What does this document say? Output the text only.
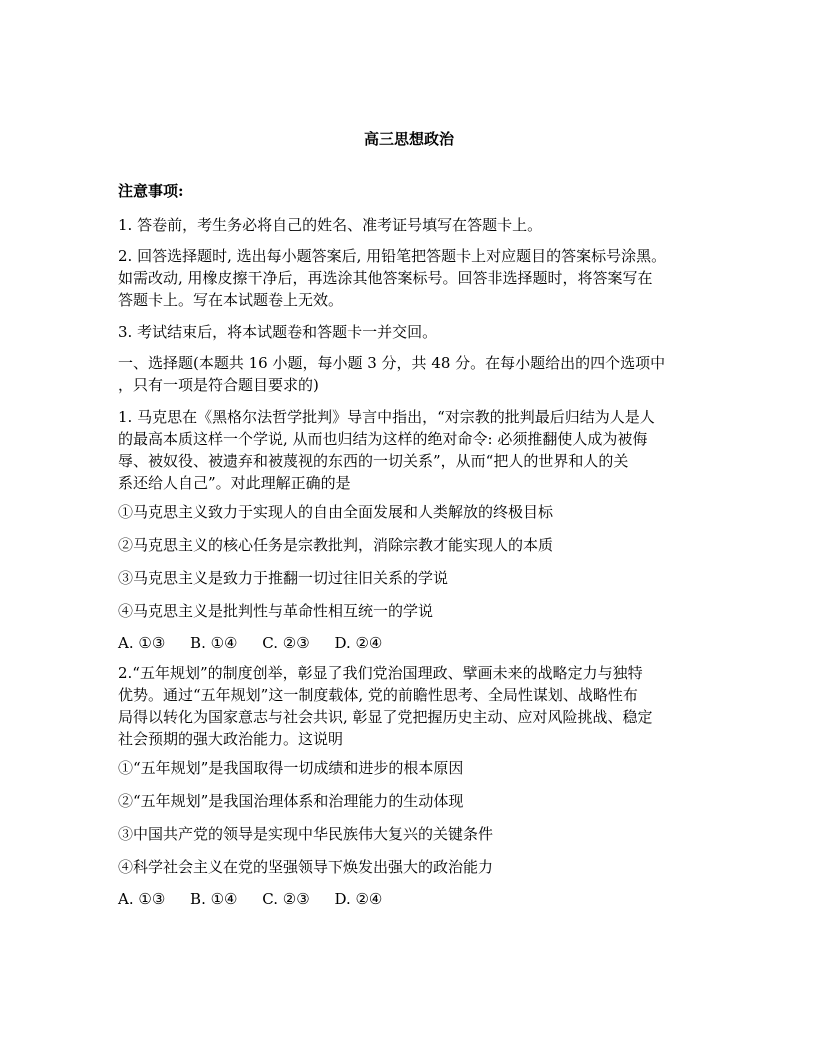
高三思想政治
注意事项:
1. 答卷前，考生务必将自己的姓名、准考证号填写在答题卡上。

2. 回答选择题时, 选出每小题答案后, 用铅笔把答题卡上对应题目的答案标号涂黑。

如需改动, 用橡皮擦干净后，再选涂其他答案标号。回答非选择题时，将答案写在

答题卡上。写在本试题卷上无效。

3. 考试结束后，将本试题卷和答题卡一并交回。

一、选择题(本题共 16 小题，每小题 3 分，共 48 分。在每小题给出的四个选项中

，只有一项是符合题目要求的)

1. 马克思在《黑格尔法哲学批判》导言中指出，“对宗教的批判最后归结为人是人

的最高本质这样一个学说, 从而也归结为这样的绝对命令: 必须推翻使人成为被侮

辱、被奴役、被遗弃和被蔑视的东西的一切关系”，从而“把人的世界和人的关

系还给人自己”。对此理解正确的是

①马克思主义致力于实现人的自由全面发展和人类解放的终极目标
②马克思主义的核心任务是宗教批判，消除宗教才能实现人的本质
③马克思主义是致力于推翻一切过往旧关系的学说
④马克思主义是批判性与革命性相互统一的学说
A. ①③ B. ①④ C. ②③ D. ②④

2.“五年规划”的制度创举，彰显了我们党治国理政、擘画未来的战略定力与独特

优势。通过“五年规划”这一制度载体, 党的前瞻性思考、全局性谋划、战略性布

局得以转化为国家意志与社会共识, 彰显了党把握历史主动、应对风险挑战、稳定

社会预期的强大政治能力。这说明

①“五年规划”是我国取得一切成绩和进步的根本原因
②“五年规划”是我国治理体系和治理能力的生动体现
③中国共产党的领导是实现中华民族伟大复兴的关键条件
④科学社会主义在党的坚强领导下焕发出强大的政治能力
A. ①③ B. ①④ C. ②③ D. ②④
